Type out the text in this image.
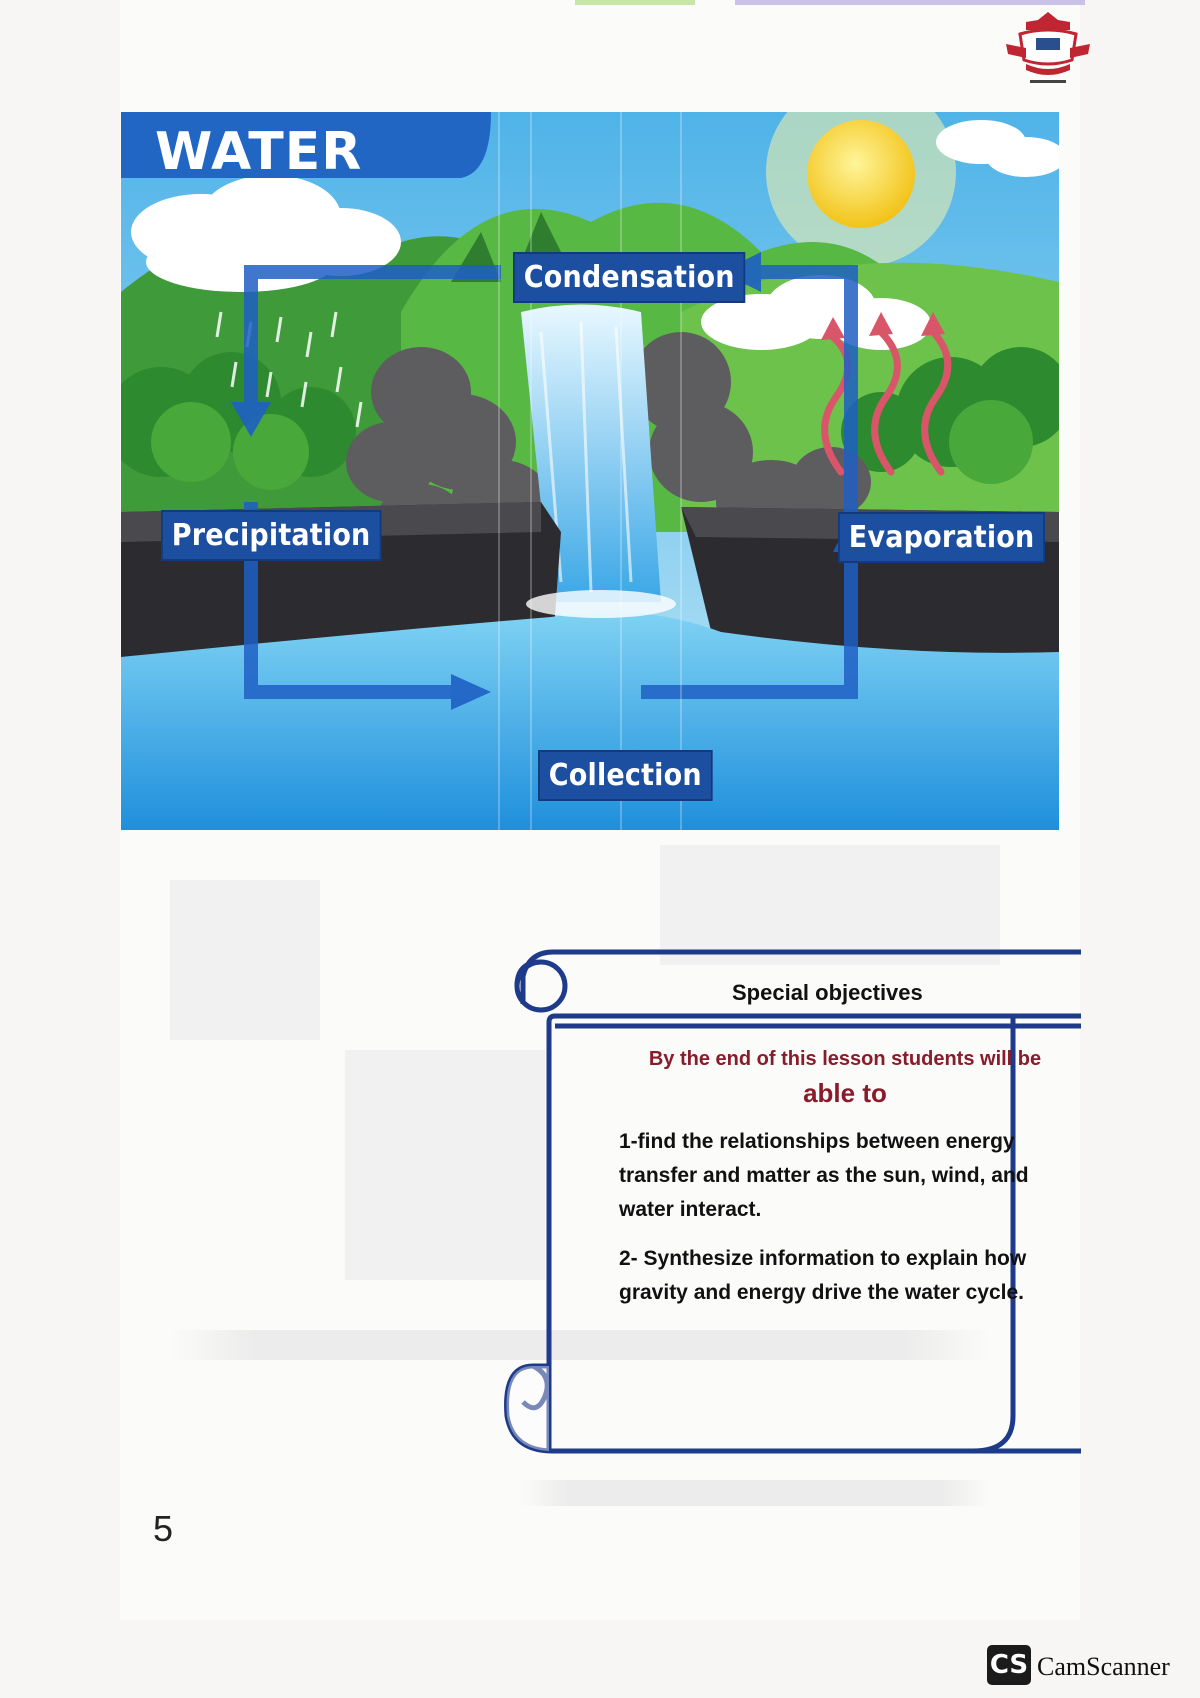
WATER CYCLE
Condensation
Precipitation	Evaporation
Collection
Special objectives
By the end of this lesson students will be
able to
1-find the relationships between energy transfer and matter as the sun, wind, and water interact.
2- Synthesize information to explain how gravity and energy drive the water cycle.
5
CS CamScanner
